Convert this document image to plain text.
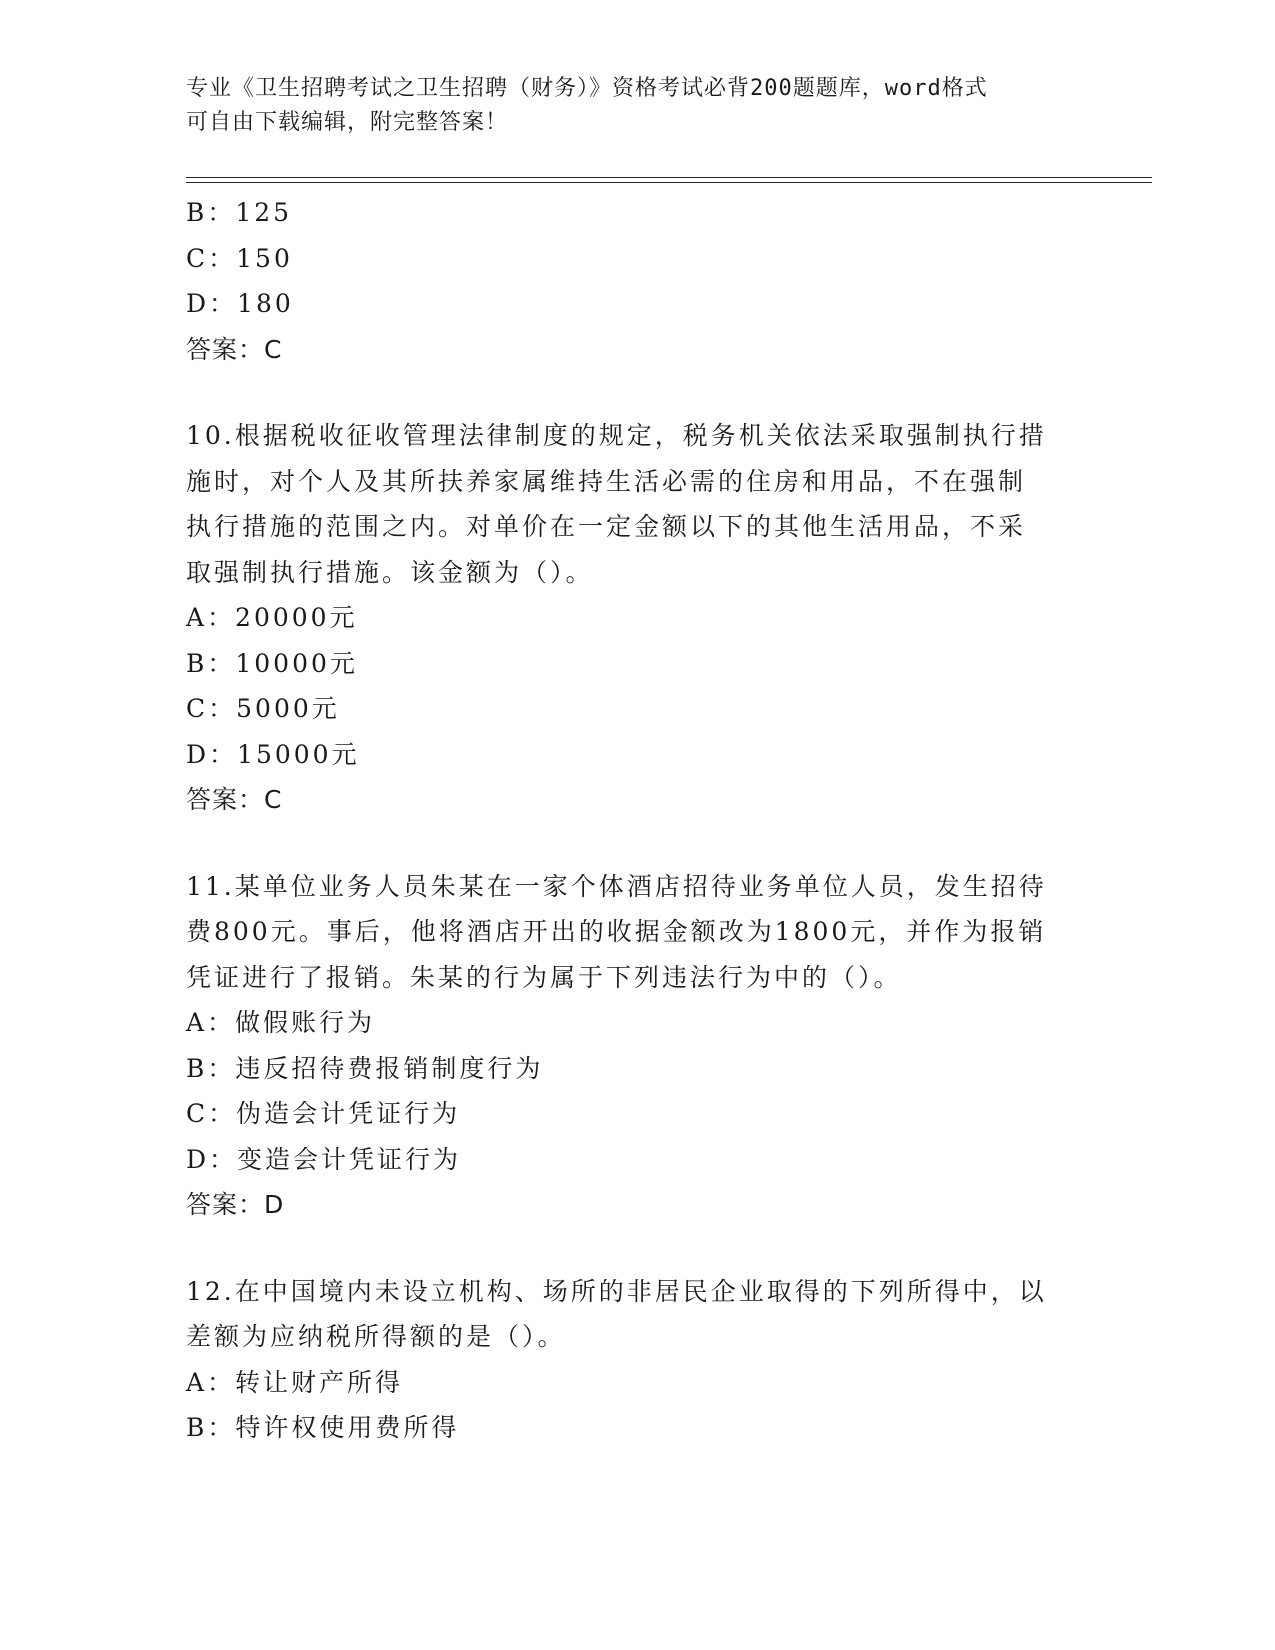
专业《卫生招聘考试之卫生招聘（财务）》资格考试必背200题题库，word格式
可自由下载编辑，附完整答案！
B：125
C：150
D：180
答案：C
10.根据税收征收管理法律制度的规定，税务机关依法采取强制执行措
施时，对个人及其所扶养家属维持生活必需的住房和用品，不在强制
执行措施的范围之内。对单价在一定金额以下的其他生活用品，不采
取强制执行措施。该金额为（）。
A：20000元
B：10000元
C：5000元
D：15000元
答案：C
11.某单位业务人员朱某在一家个体酒店招待业务单位人员，发生招待
费800元。事后，他将酒店开出的收据金额改为1800元，并作为报销
凭证进行了报销。朱某的行为属于下列违法行为中的（）。
A：做假账行为
B：违反招待费报销制度行为
C：伪造会计凭证行为
D：变造会计凭证行为
答案：D
12.在中国境内未设立机构、场所的非居民企业取得的下列所得中，以
差额为应纳税所得额的是（）。
A：转让财产所得
B：特许权使用费所得
